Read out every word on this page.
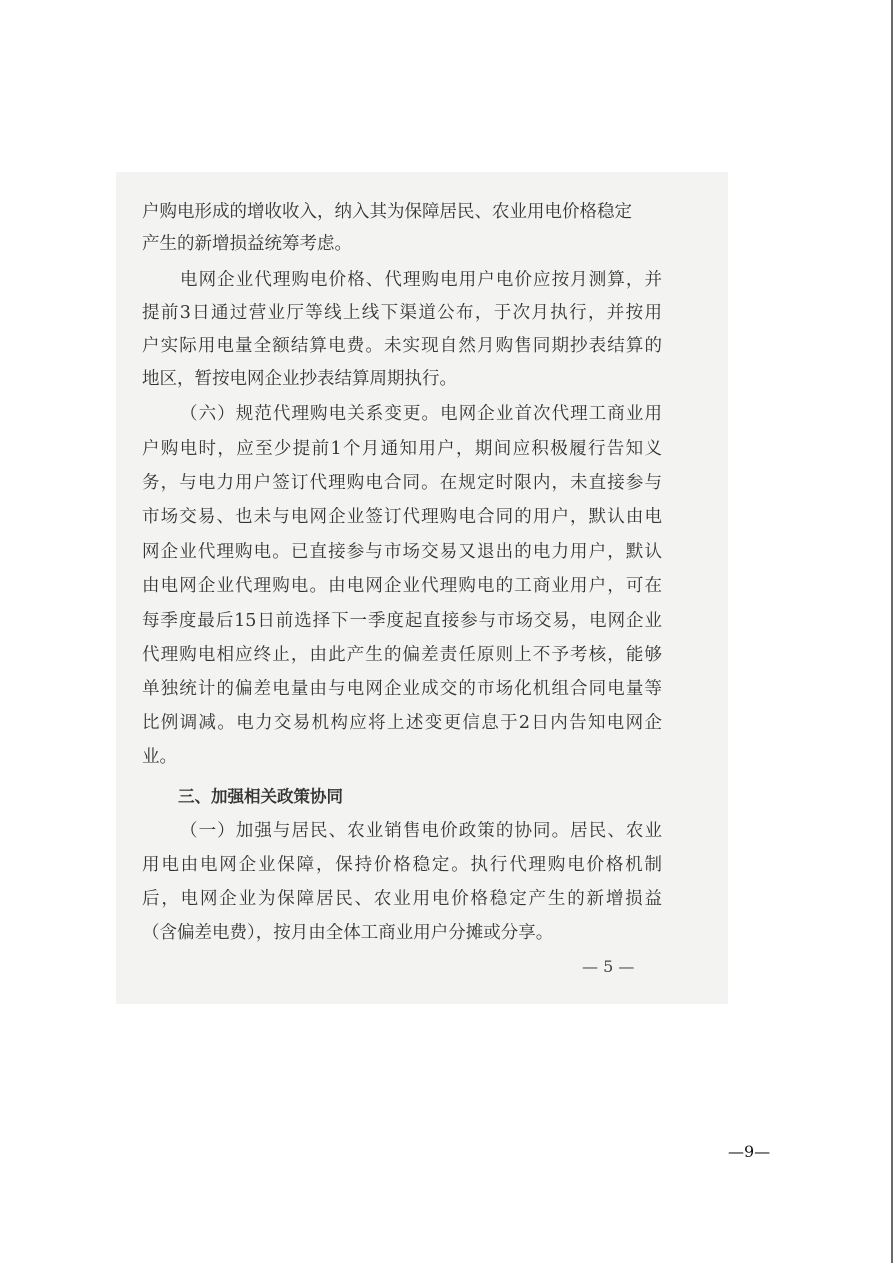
户购电形成的增收收入，纳入其为保障居民、农业用电价格稳定
产生的新增损益统筹考虑。
电网企业代理购电价格、代理购电用户电价应按月测算，并
提前3日通过营业厅等线上线下渠道公布，于次月执行，并按用
户实际用电量全额结算电费。未实现自然月购售同期抄表结算的
地区，暂按电网企业抄表结算周期执行。
（六）规范代理购电关系变更。电网企业首次代理工商业用
户购电时，应至少提前1个月通知用户，期间应积极履行告知义
务，与电力用户签订代理购电合同。在规定时限内，未直接参与
市场交易、也未与电网企业签订代理购电合同的用户，默认由电
网企业代理购电。已直接参与市场交易又退出的电力用户，默认
由电网企业代理购电。由电网企业代理购电的工商业用户，可在
每季度最后15日前选择下一季度起直接参与市场交易，电网企业
代理购电相应终止，由此产生的偏差责任原则上不予考核，能够
单独统计的偏差电量由与电网企业成交的市场化机组合同电量等
比例调减。电力交易机构应将上述变更信息于2日内告知电网企
业。
三、加强相关政策协同
（一）加强与居民、农业销售电价政策的协同。居民、农业
用电由电网企业保障，保持价格稳定。执行代理购电价格机制
后，电网企业为保障居民、农业用电价格稳定产生的新增损益
（含偏差电费），按月由全体工商业用户分摊或分享。
— 5 —
—9—
